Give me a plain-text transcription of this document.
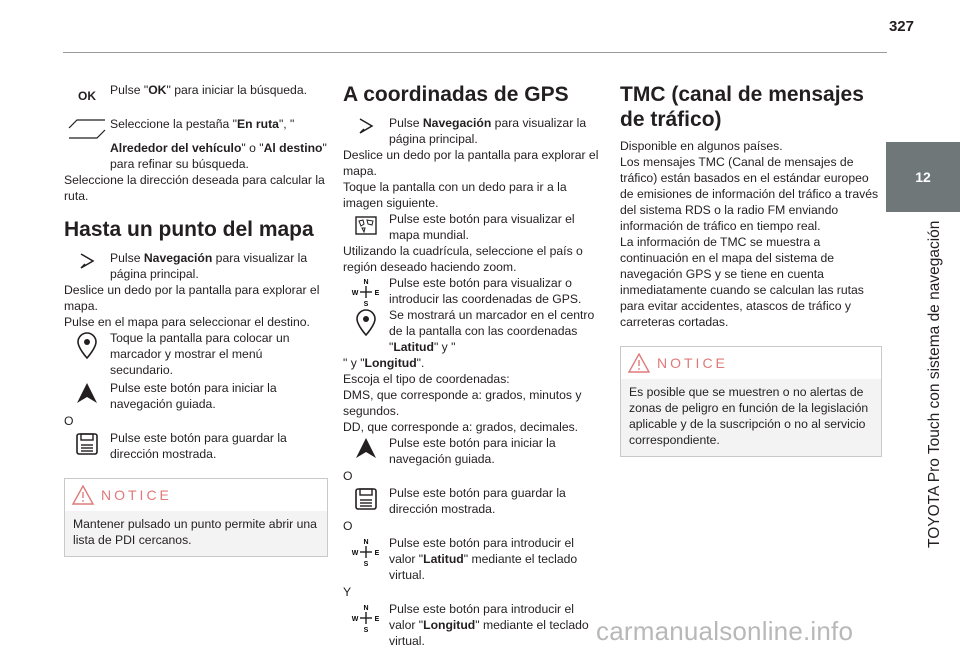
327
12
TOYOTA Pro Touch con sistema de navegación
OK	Pulse "OK" para iniciar la búsqueda.

Seleccione la pestaña "En ruta", "

Alrededor del vehículo" o "Al destino" para refinar su búsqueda.

Seleccione la dirección deseada para calcular la ruta.

Hasta un punto del mapa

Pulse Navegación para visualizar la página principal.

Deslice un dedo por la pantalla para explorar el mapa.

Pulse en el mapa para seleccionar el destino.

Toque la pantalla para colocar un marcador y mostrar el menú secundario.

Pulse este botón para iniciar la navegación guiada.

O

Pulse este botón para guardar la dirección mostrada.

NOTICE
Mantener pulsado un punto permite abrir una lista de PDI cercanos.
A coordinadas de GPS

Pulse Navegación para visualizar la página principal.

Deslice un dedo por la pantalla para explorar el mapa.

Toque la pantalla con un dedo para ir a la imagen siguiente.

Pulse este botón para visualizar el mapa mundial.

Utilizando la cuadrícula, seleccione el país o región deseado haciendo zoom.

N
S
W E

Pulse este botón para visualizar o introducir las coordenadas de GPS.

Se mostrará un marcador en el centro de la pantalla con las coordenadas "Latitud" y "

" y "Longitud".

Escoja el tipo de coordenadas:

DMS, que corresponde a: grados, minutos y segundos.

DD, que corresponde a: grados, decimales.

Pulse este botón para iniciar la navegación guiada.

O

Pulse este botón para guardar la dirección mostrada.

O

N
S
W E

Pulse este botón para introducir el valor "Latitud" mediante el teclado virtual.

Y

N
S
W E

Pulse este botón para introducir el valor "Longitud" mediante el teclado virtual.

TMC (canal de mensajes de tráfico)

Disponible en algunos países.

Los mensajes TMC (Canal de mensajes de tráfico) están basados en el estándar europeo de emisiones de información del tráfico a través del sistema RDS o la radio FM enviando información de tráfico en tiempo real.

La información de TMC se muestra a continuación en el mapa del sistema de navegación GPS y se tiene en cuenta inmediatamente cuando se calculan las rutas para evitar accidentes, atascos de tráfico y carreteras cortadas.

NOTICE
Es posible que se muestren o no alertas de zonas de peligro en función de la legislación aplicable y de la suscripción o no al servicio correspondiente.
carmanualsonline.info
